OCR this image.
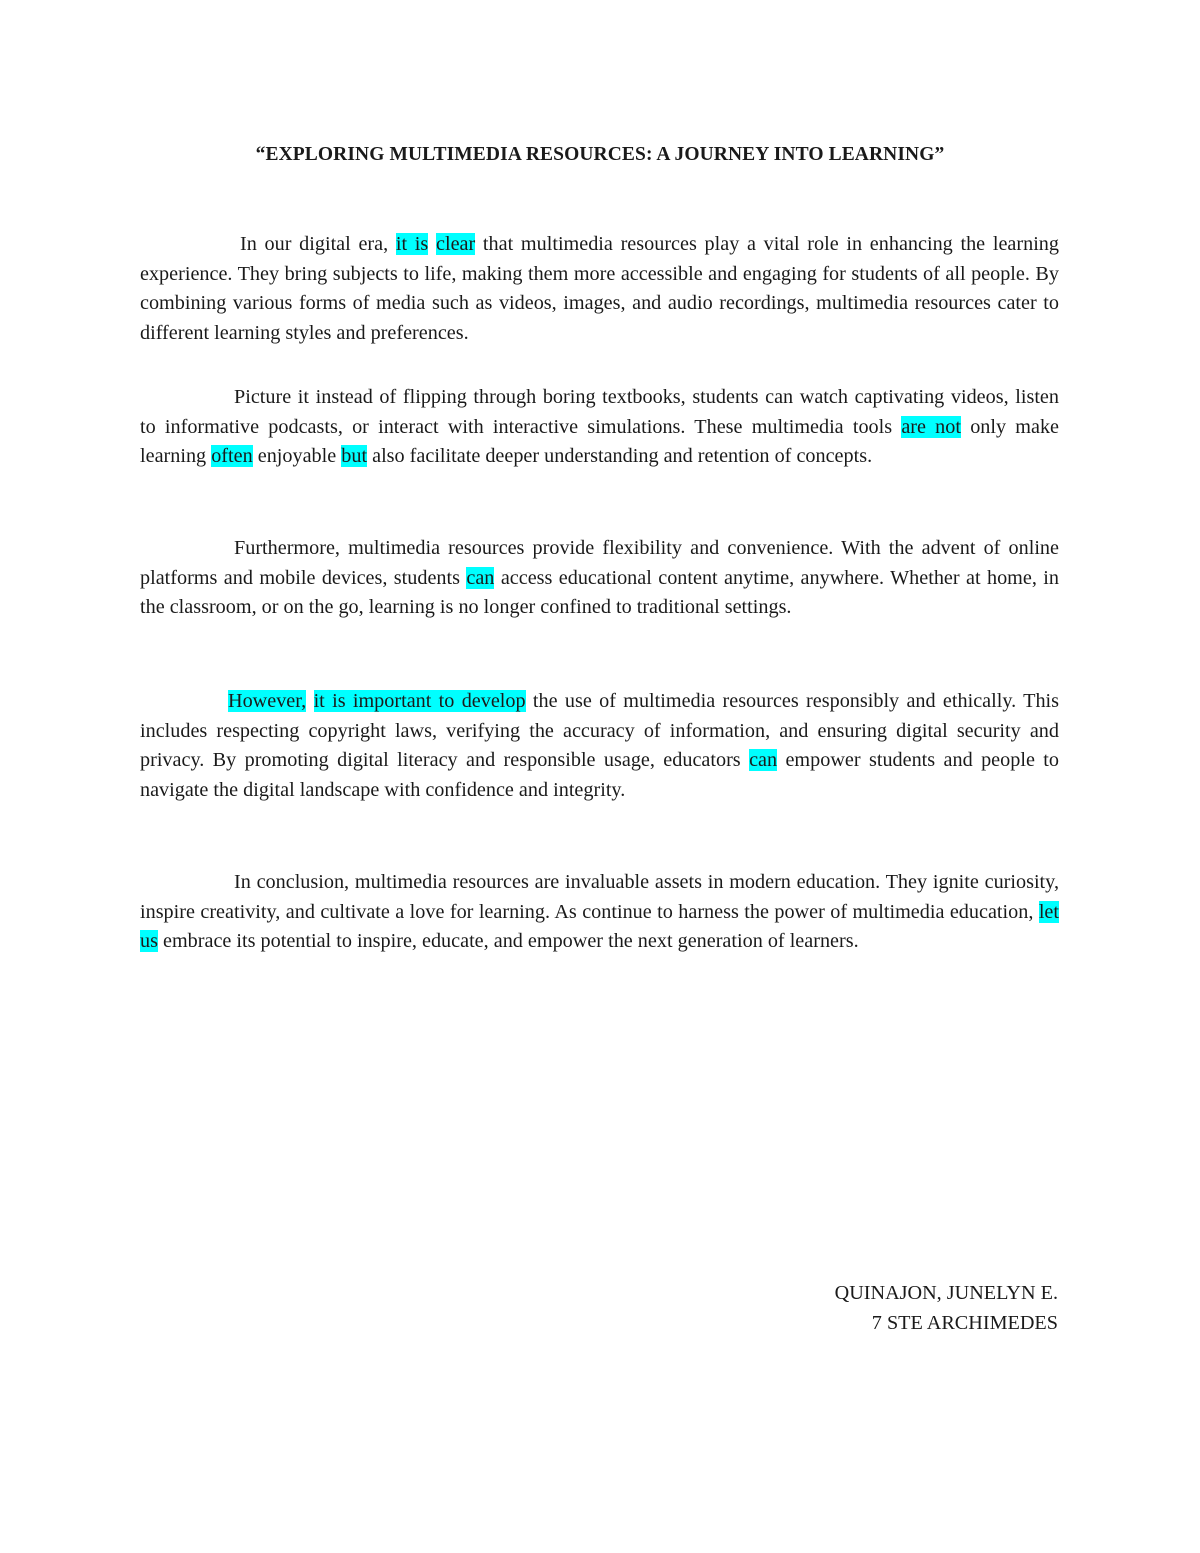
“EXPLORING MULTIMEDIA RESOURCES: A JOURNEY INTO LEARNING”

In our digital era, it is clear that multimedia resources play a vital role in enhancing the learning experience. They bring subjects to life, making them more accessible and engaging for students of all people. By combining various forms of media such as videos, images, and audio recordings, multimedia resources cater to different learning styles and preferences.

Picture it instead of flipping through boring textbooks, students can watch captivating videos, listen to informative podcasts, or interact with interactive simulations. These multimedia tools are not only make learning often enjoyable but also facilitate deeper understanding and retention of concepts.

Furthermore, multimedia resources provide flexibility and convenience. With the advent of online platforms and mobile devices, students can access educational content anytime, anywhere. Whether at home, in the classroom, or on the go, learning is no longer confined to traditional settings.

However, it is important to develop the use of multimedia resources responsibly and ethically. This includes respecting copyright laws, verifying the accuracy of information, and ensuring digital security and privacy. By promoting digital literacy and responsible usage, educators can empower students and people to navigate the digital landscape with confidence and integrity.

In conclusion, multimedia resources are invaluable assets in modern education. They ignite curiosity, inspire creativity, and cultivate a love for learning. As continue to harness the power of multimedia education, let us embrace its potential to inspire, educate, and empower the next generation of learners.

QUINAJON, JUNELYN E.

7 STE ARCHIMEDES
